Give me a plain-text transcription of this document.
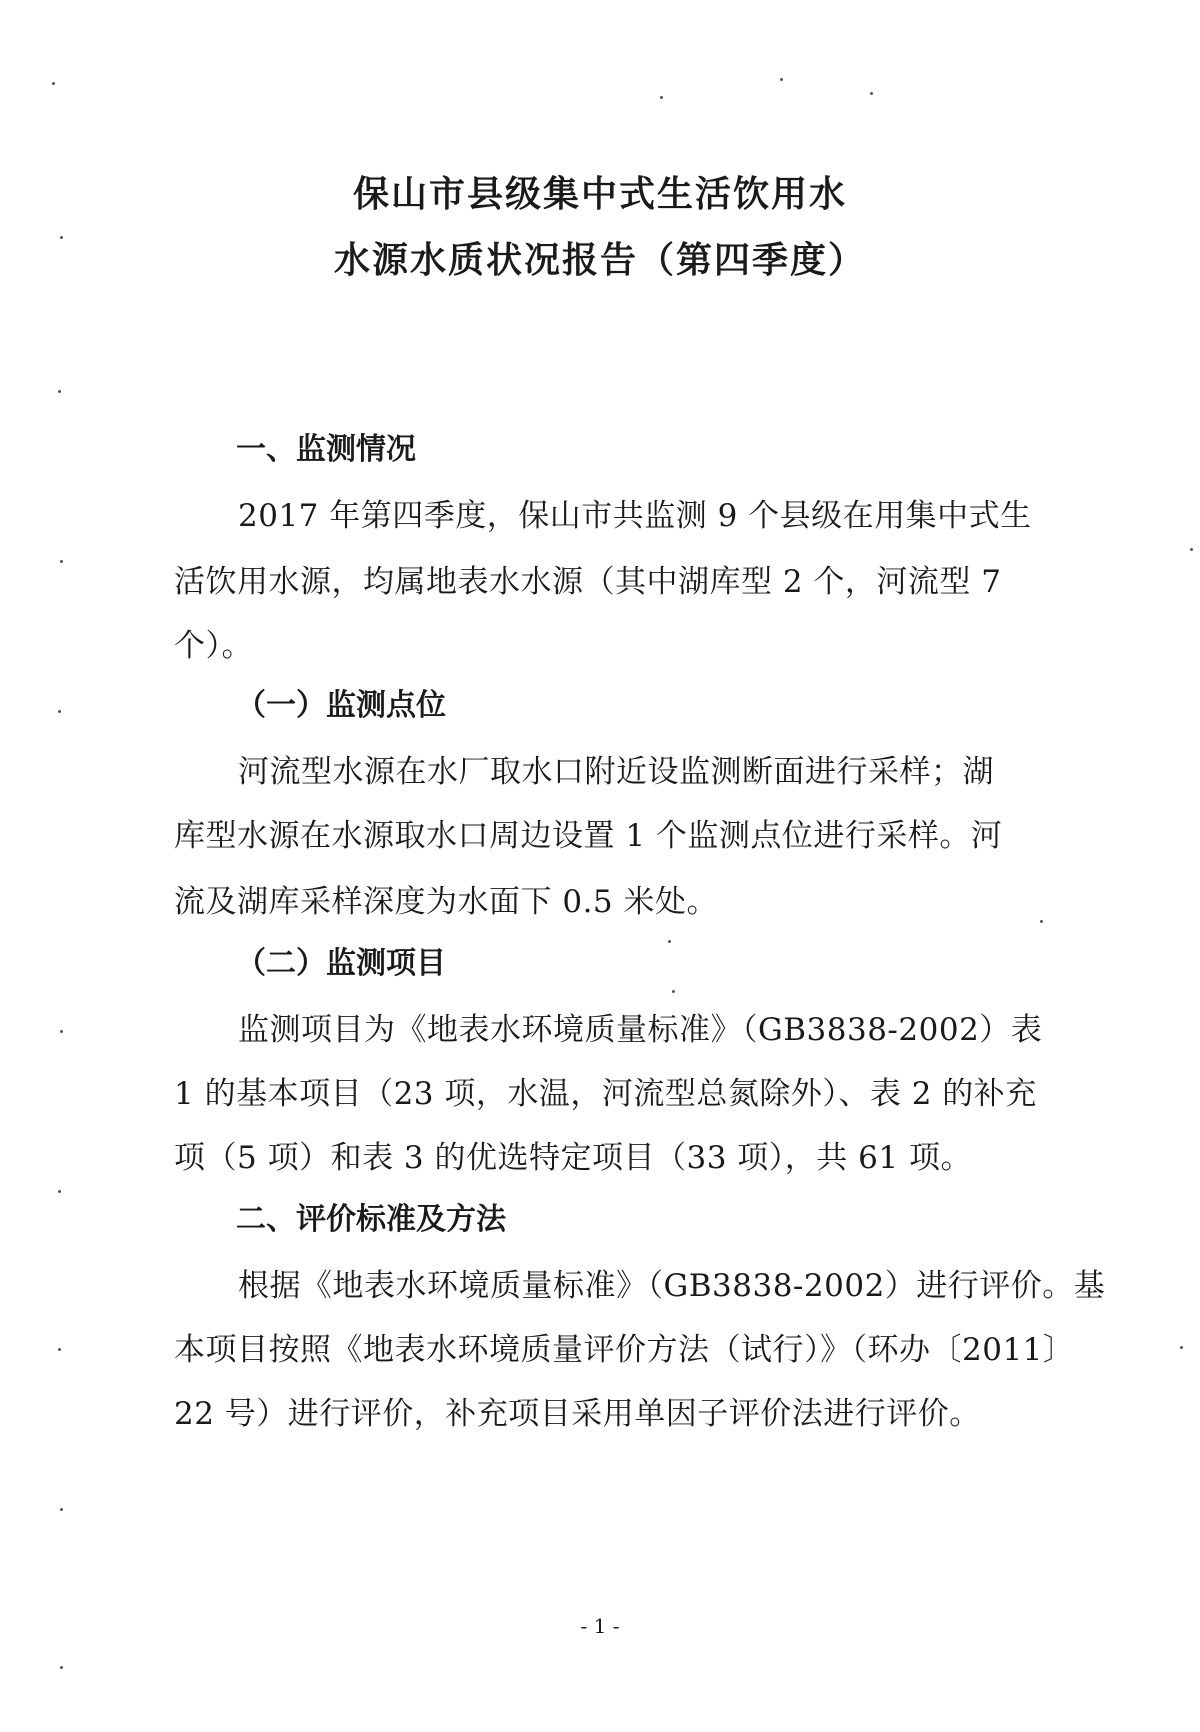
保山市县级集中式生活饮用水
水源水质状况报告（第四季度）
一、监测情况
2017 年第四季度，保山市共监测 9 个县级在用集中式生
活饮用水源，均属地表水水源（其中湖库型 2 个，河流型 7
个）。
（一）监测点位
河流型水源在水厂取水口附近设监测断面进行采样；湖
库型水源在水源取水口周边设置 1 个监测点位进行采样。河
流及湖库采样深度为水面下 0.5 米处。
（二）监测项目
监测项目为《地表水环境质量标准》（GB3838-2002）表
1 的基本项目（23 项，水温，河流型总氮除外）、表 2 的补充
项（5 项）和表 3 的优选特定项目（33 项），共 61 项。
二、评价标准及方法
根据《地表水环境质量标准》（GB3838-2002）进行评价。基
本项目按照《地表水环境质量评价方法（试行）》（环办〔2011〕
22 号）进行评价，补充项目采用单因子评价法进行评价。
- 1 -
